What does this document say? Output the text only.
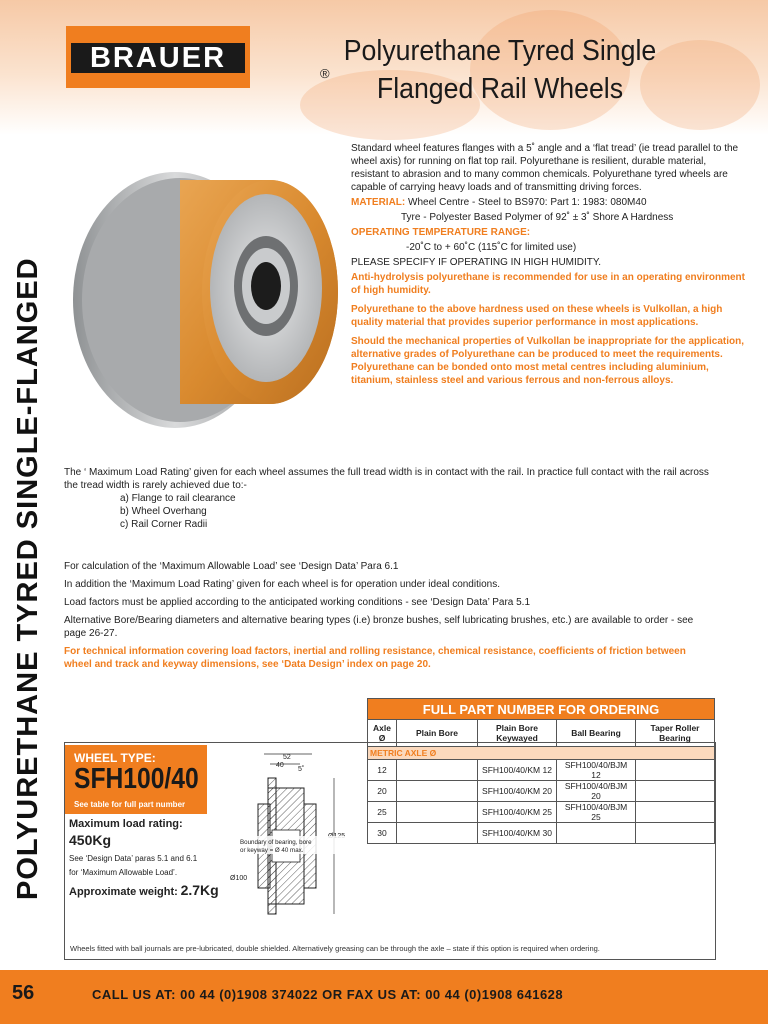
BRAUER	®
Polyurethane Tyred Single
Flanged Rail Wheels
POLYURETHANE TYRED SINGLE-FLANGED

Standard wheel features flanges with a 5˚ angle and a ‘flat tread’ (ie tread parallel to the wheel axis) for running on flat top rail. Polyurethane is resilient, durable material, resistant to abrasion and to many common chemicals. Polyurethane tyred wheels are capable of carrying heavy loads and of transmitting driving forces.

MATERIAL: Wheel Centre - Steel to BS970: Part 1: 1983: 080M40

Tyre - Polyester Based Polymer of 92˚ ± 3˚ Shore A Hardness

OPERATING TEMPERATURE RANGE:

-20˚C to + 60˚C (115˚C for limited use)

PLEASE SPECIFY IF OPERATING IN HIGH HUMIDITY.

Anti-hydrolysis polyurethane is recommended for use in an operating environment of high humidity.

Polyurethane to the above hardness used on these wheels is Vulkollan, a high quality material that provides superior performance in most applications.

Should the mechanical properties of Vulkollan be inappropriate for the application, alternative grades of Polyurethane can be produced to meet the requirements. Polyurethane can be bonded onto most metal centres including aluminium, titanium, stainless steel and various ferrous and non-ferrous alloys.

The ‘ Maximum Load Rating’ given for each wheel assumes the full tread width is in contact with the rail. In practice full contact with the rail across the tread width is rarely achieved due to:-
a) Flange to rail clearance
b) Wheel Overhang
c) Rail Corner Radii
For calculation of the ‘Maximum Allowable Load’ see ‘Design Data’ Para 6.1
In addition the ‘Maximum Load Rating’ given for each wheel is for operation under ideal conditions.
Load factors must be applied according to the anticipated working conditions - see ‘Design Data’ Para 5.1
Alternative Bore/Bearing diameters and alternative bearing types (i.e) bronze bushes, self lubricating brushes, etc.) are available to order - see page 26-27.
For technical information covering load factors, inertial and rolling resistance, chemical resistance, coefficients of friction between wheel and track and keyway dimensions, see ‘Data Design’ index on page 20.
FULL PART NUMBER FOR ORDERING				
Axle Ø	Plain Bore	Plain Bore Keywayed	Ball Bearing	Taper Roller Bearing
METRIC AXLE Ø				
12		SFH100/40/KM 12	SFH100/40/BJM 12	
20		SFH100/40/KM 20	SFH100/40/BJM 20	
25		SFH100/40/KM 25	SFH100/40/BJM 25	
30		SFH100/40/KM 30		
WHEEL TYPE:
SFH100/40
See table for full part number
Maximum load rating:
450Kg
See ‘Design Data’ paras 5.1 and 6.1
for ‘Maximum Allowable Load’.
Approximate weight: 2.7Kg
52
40
5˚
Boundary of bearing, bore
or keyway = Ø 40 max.
Ø100
Wheels fitted with ball journals are pre-lubricated, double shielded. Alternatively greasing can be through the axle – state if this option is required when ordering.
56	CALL US AT: 00 44 (0)1908 374022 OR FAX US AT: 00 44 (0)1908 641628
